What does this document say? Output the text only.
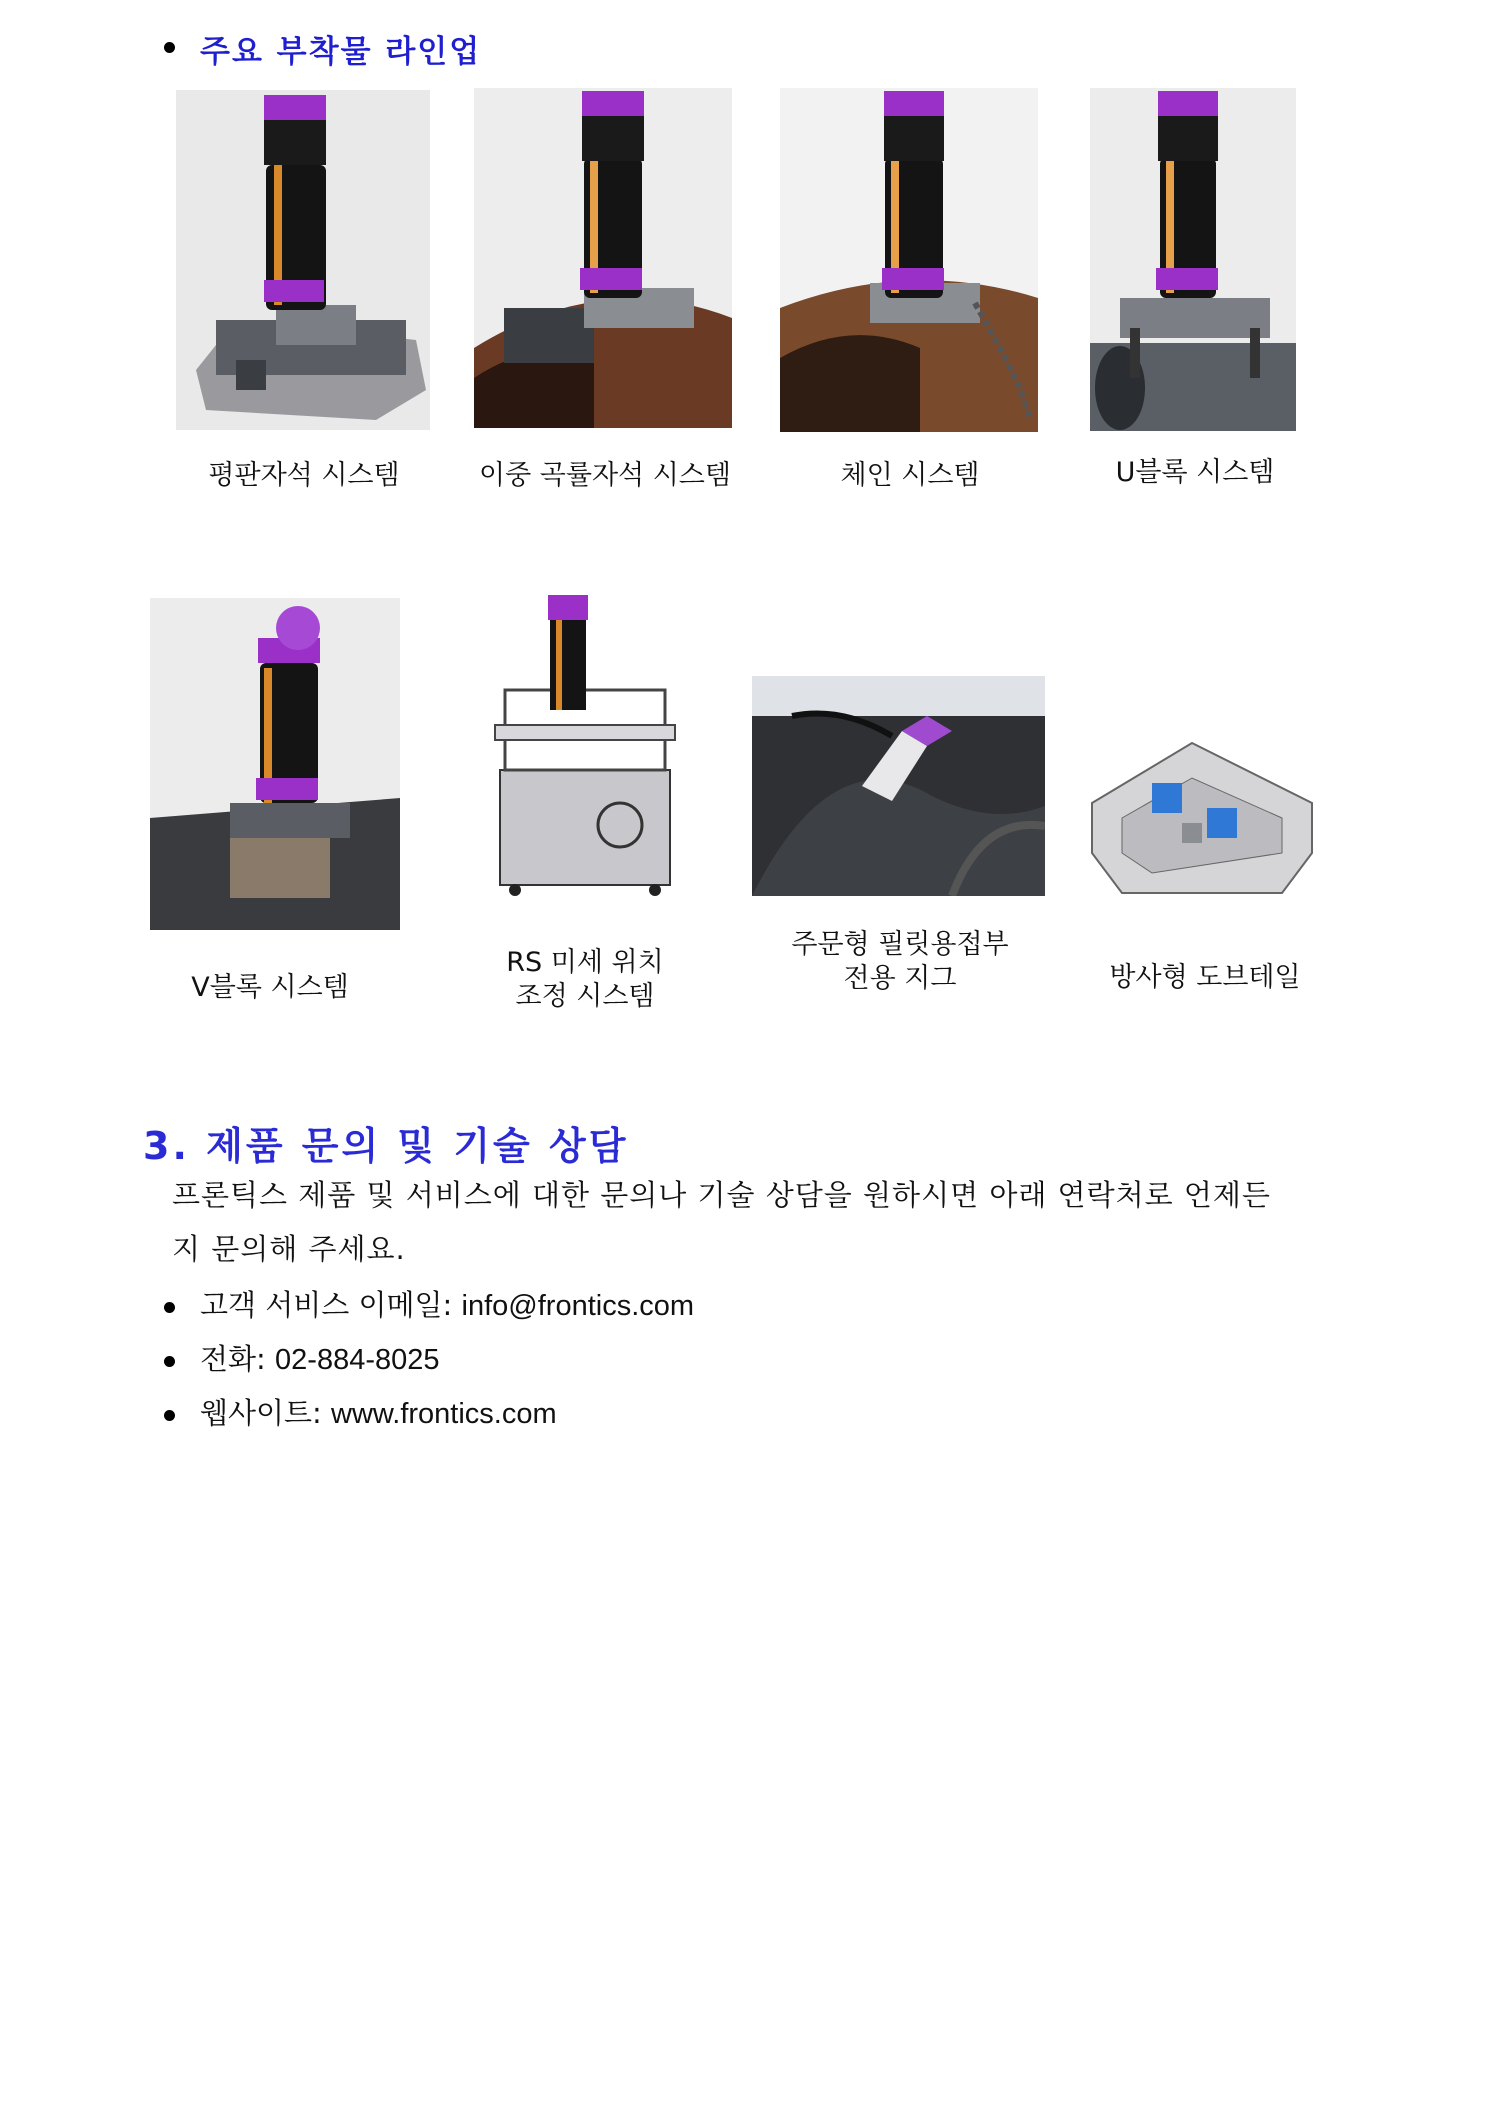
주요 부착물 라인업
평판자석 시스템	이중 곡률자석 시스템	체인 시스템	U블록 시스템
V블록 시스템
RS 미세 위치
조정 시스템
주문형 필릿용접부
전용 지그	방사형 도브테일
3. 제품 문의 및 기술 상담
프론틱스 제품 및 서비스에 대한 문의나 기술 상담을 원하시면 아래 연락처로 언제든
지 문의해 주세요.
고객 서비스 이메일: info@frontics.com
전화: 02-884-8025
웹사이트: www.frontics.com
